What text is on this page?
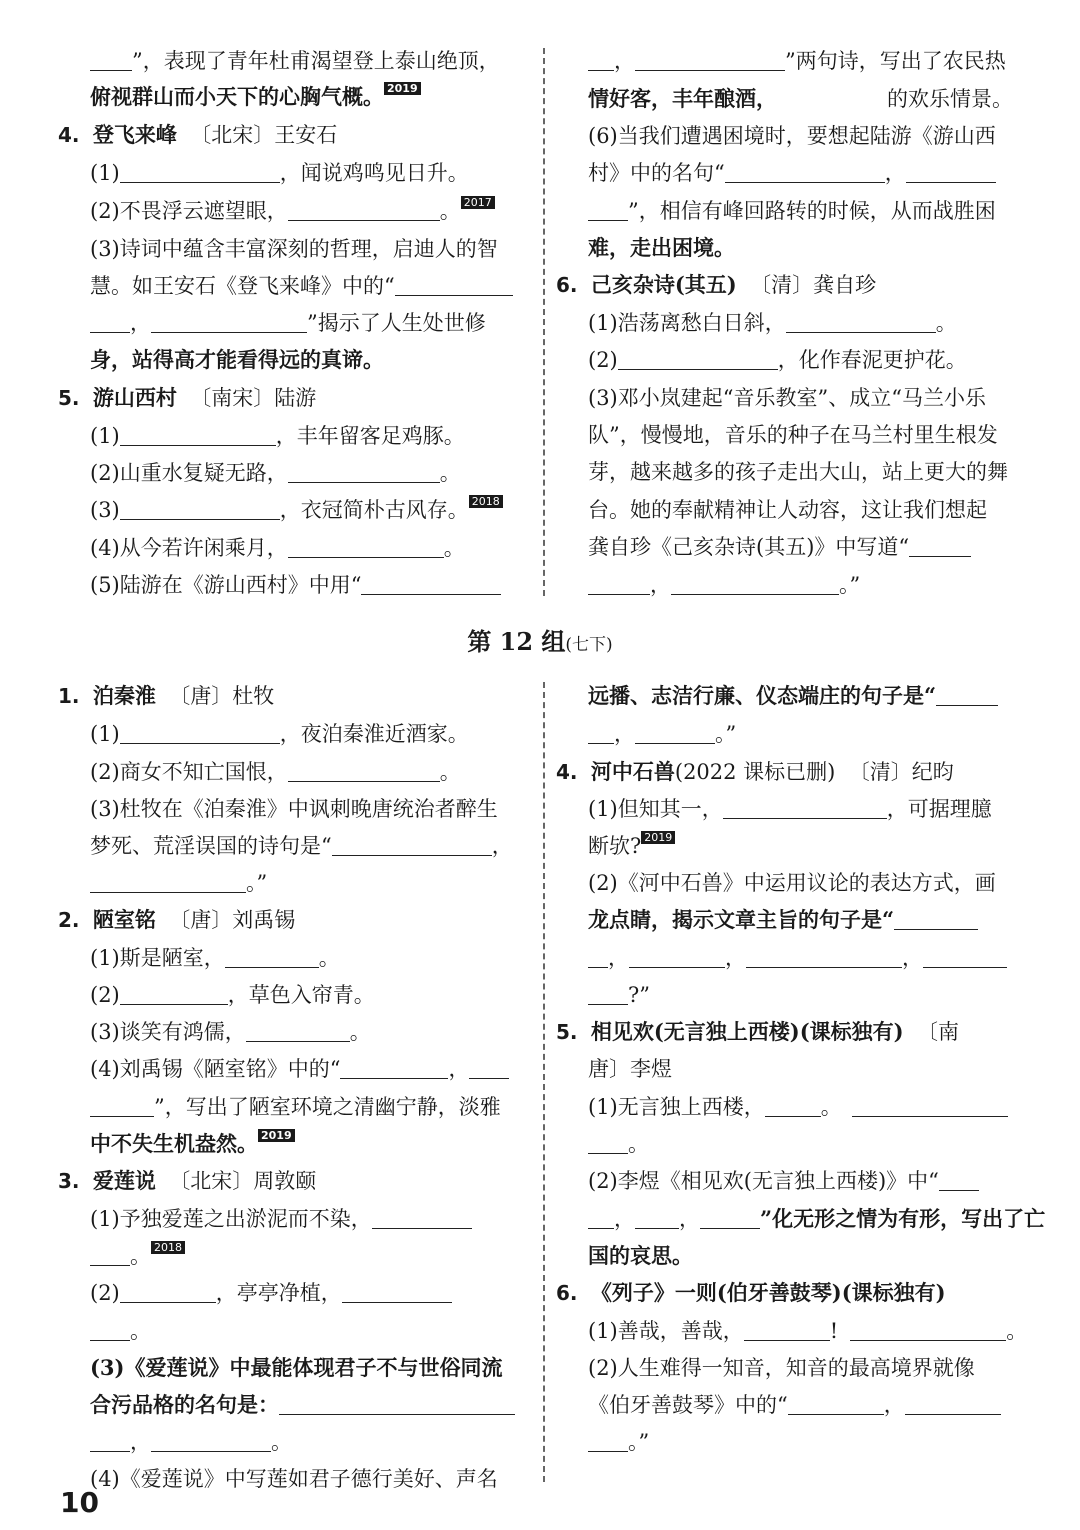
”，表现了青年杜甫渴望登上泰山绝顶，
俯视群山而小天下的心胸气概。 2019
4. 登飞来峰 〔北宋〕王安石
(1)	，闻说鸡鸣见日升。
(2)不畏浮云遮望眼，	。 2017
(3)诗词中蕴含丰富深刻的哲理，启迪人的智
慧。如王安石《登飞来峰》中的“
，	”揭示了人生处世修
身，站得高才能看得远的真谛。
5. 游山西村 〔南宋〕陆游
(1)	，丰年留客足鸡豚。
(2)山重水复疑无路，	。
(3)	，衣冠简朴古风存。 2018
(4)从今若许闲乘月，	。
(5)陆游在《游山西村》中用“
，	”两句诗，写出了农民热
情好客，丰年酿酒，	的欢乐情景。
(6)当我们遭遇困境时，要想起陆游《游山西
村》中的名句“	，
”，相信有峰回路转的时候，从而战胜困
难，走出困境。
6. 己亥杂诗(其五) 〔清〕龚自珍
(1)浩荡离愁白日斜，	。
(2)	，化作春泥更护花。
(3)邓小岚建起“音乐教室”、成立“马兰小乐
队”，慢慢地，音乐的种子在马兰村里生根发
芽，越来越多的孩子走出大山，站上更大的舞
台。她的奉献精神让人动容，这让我们想起
龚自珍《己亥杂诗(其五)》中写道“
，	。”
第 12 组(七下)
1. 泊秦淮 〔唐〕杜牧
(1)	，夜泊秦淮近酒家。
(2)商女不知亡国恨，	。
(3)杜牧在《泊秦淮》中讽刺晚唐统治者醉生
梦死、荒淫误国的诗句是“	，
。”
2. 陋室铭 〔唐〕刘禹锡
(1)斯是陋室，	。
(2)	，草色入帘青。
(3)谈笑有鸿儒，	。
(4)刘禹锡《陋室铭》中的“	，
”，写出了陋室环境之清幽宁静，淡雅
中不失生机盎然。 2019
3. 爱莲说 〔北宋〕周敦颐
(1)予独爱莲之出淤泥而不染，
。 2018
(2)	，亭亭净植，
。
(3)《爱莲说》中最能体现君子不与世俗同流
合污品格的名句是：
，	。
(4)《爱莲说》中写莲如君子德行美好、声名
远播、志洁行廉、仪态端庄的句子是“
，	。”
4. 河中石兽(2022 课标已删) 〔清〕纪昀
(1)但知其一，	，可据理臆
断欤? 2019
(2)《河中石兽》中运用议论的表达方式，画
龙点睛，揭示文章主旨的句子是“
，	，	，
?”
5. 相见欢(无言独上西楼)(课标独有) 〔南
唐〕李煜
(1)无言独上西楼，	。
。
(2)李煜《相见欢(无言独上西楼)》中“
， ，	”化无形之情为有形，写出了亡
国的哀思。
6. 《列子》一则(伯牙善鼓琴)(课标独有)
(1)善哉，善哉，	!	。
(2)人生难得一知音，知音的最高境界就像
《伯牙善鼓琴》中的“	，
。”
10
